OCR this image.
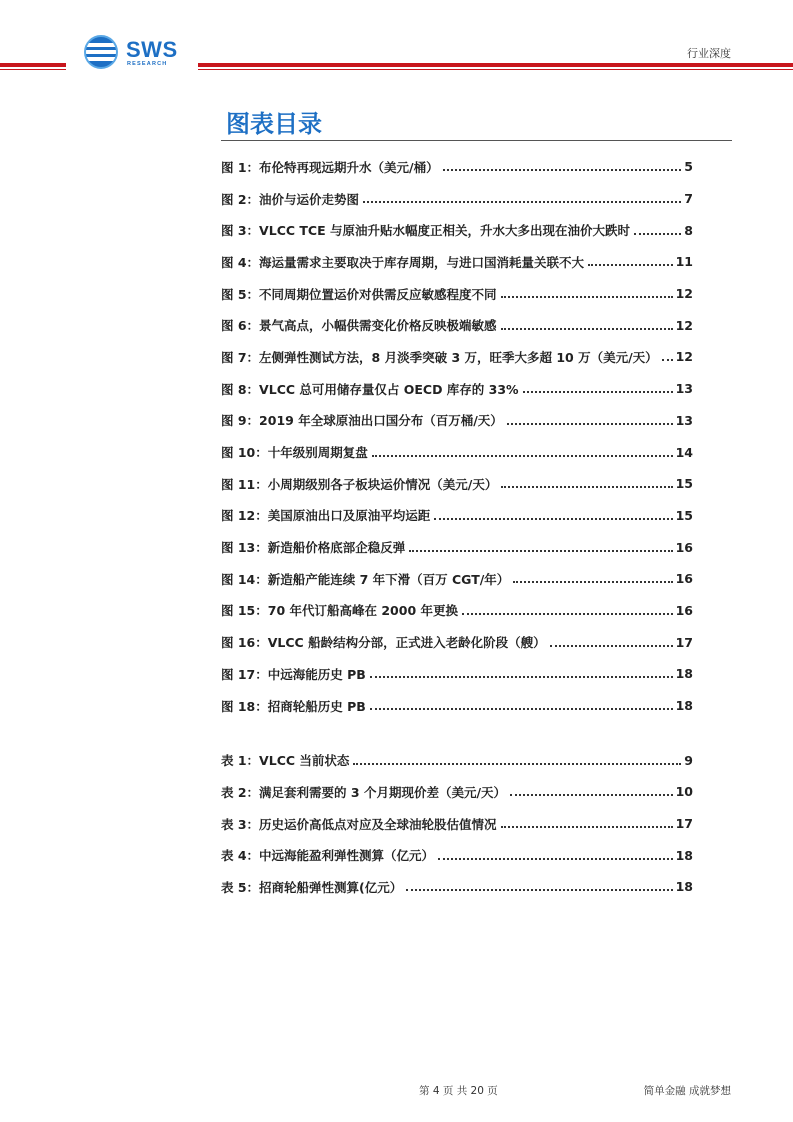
SWS
RESEARCH
行业深度
图表目录
图 1：布伦特再现远期升水（美元/桶）	5
图 2：油价与运价走势图	7
图 3：VLCC TCE 与原油升贴水幅度正相关，升水大多出现在油价大跌时	8
图 4：海运量需求主要取决于库存周期，与进口国消耗量关联不大	11
图 5：不同周期位置运价对供需反应敏感程度不同	12
图 6：景气高点，小幅供需变化价格反映极端敏感	12
图 7：左侧弹性测试方法，8 月淡季突破 3 万，旺季大多超 10 万（美元/天） 12
图 8：VLCC 总可用储存量仅占 OECD 库存的 33%	13
图 9：2019 年全球原油出口国分布（百万桶/天）	13
图 10：十年级别周期复盘	14
图 11：小周期级别各子板块运价情况（美元/天）	15
图 12：美国原油出口及原油平均运距	15
图 13：新造船价格底部企稳反弹	16
图 14：新造船产能连续 7 年下滑（百万 CGT/年）	16
图 15：70 年代订船高峰在 2000 年更换	16
图 16：VLCC 船龄结构分部，正式进入老龄化阶段（艘）	17
图 17：中远海能历史 PB	18
图 18：招商轮船历史 PB	18
表 1：VLCC 当前状态	9
表 2：满足套利需要的 3 个月期现价差（美元/天）	10
表 3：历史运价高低点对应及全球油轮股估值情况	17
表 4：中远海能盈利弹性测算（亿元）	18
表 5：招商轮船弹性测算(亿元）	18
第 4 页 共 20 页	简单金融 成就梦想
